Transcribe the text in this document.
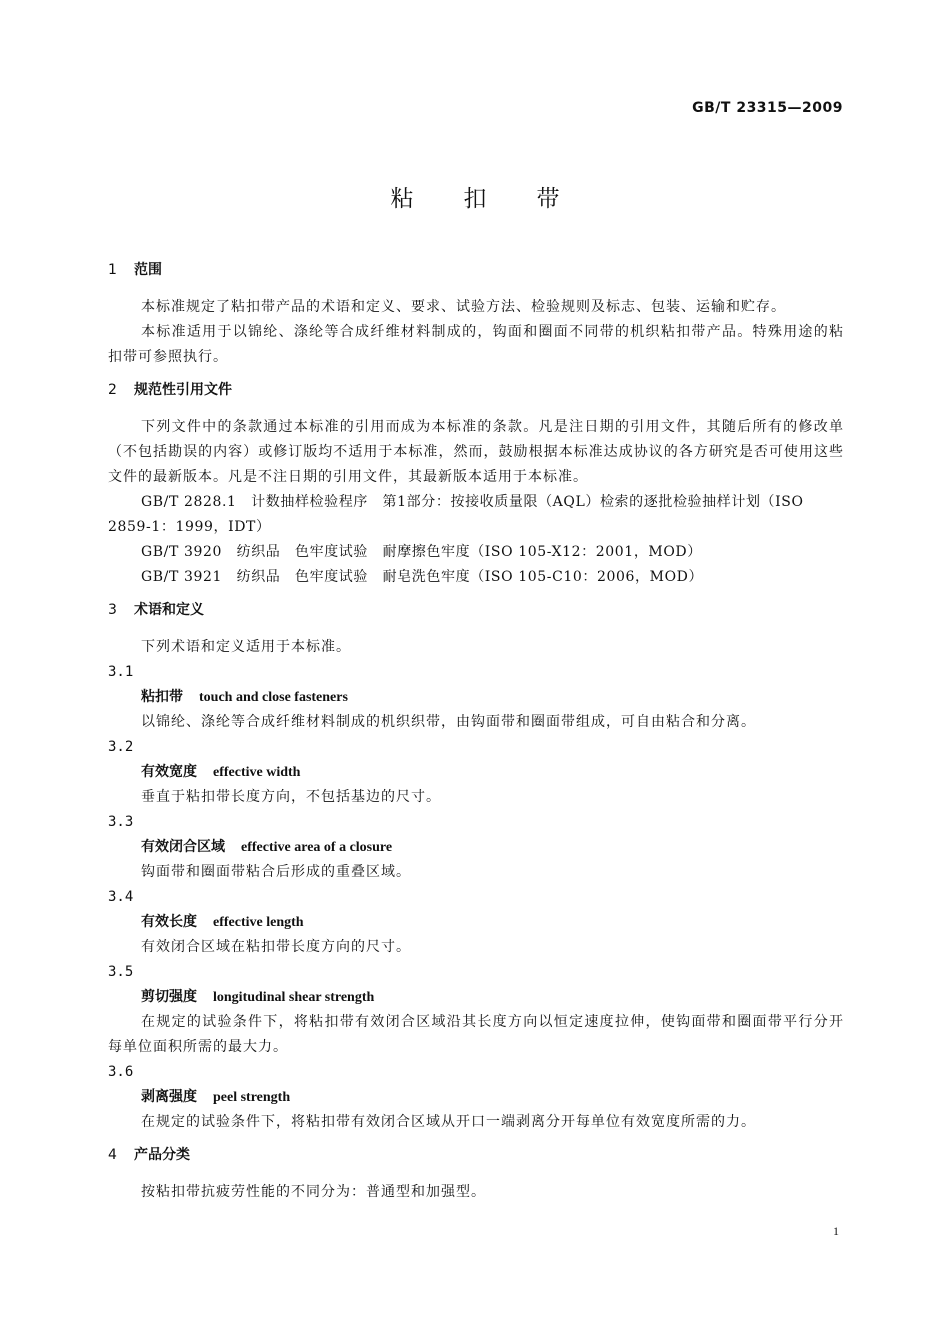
GB/T 23315—2009
粘扣带
1 范围

本标准规定了粘扣带产品的术语和定义、要求、试验方法、检验规则及标志、包装、运输和贮存。

本标准适用于以锦纶、涤纶等合成纤维材料制成的，钩面和圈面不同带的机织粘扣带产品。特殊用途的粘扣带可参照执行。

2 规范性引用文件

下列文件中的条款通过本标准的引用而成为本标准的条款。凡是注日期的引用文件，其随后所有的修改单（不包括勘误的内容）或修订版均不适用于本标准，然而，鼓励根据本标准达成协议的各方研究是否可使用这些文件的最新版本。凡是不注日期的引用文件，其最新版本适用于本标准。

GB/T 2828.1　计数抽样检验程序　第1部分：按接收质量限（AQL）检索的逐批检验抽样计划（ISO 2859-1：1999，IDT）

GB/T 3920　纺织品　色牢度试验　耐摩擦色牢度（ISO 105-X12：2001，MOD）

GB/T 3921　纺织品　色牢度试验　耐皂洗色牢度（ISO 105-C10：2006，MOD）

3 术语和定义

下列术语和定义适用于本标准。

3.1

粘扣带 touch and close fasteners

以锦纶、涤纶等合成纤维材料制成的机织织带，由钩面带和圈面带组成，可自由粘合和分离。

3.2

有效宽度 effective width

垂直于粘扣带长度方向，不包括基边的尺寸。

3.3

有效闭合区域 effective area of a closure

钩面带和圈面带粘合后形成的重叠区域。

3.4

有效长度 effective length

有效闭合区域在粘扣带长度方向的尺寸。

3.5

剪切强度 longitudinal shear strength

在规定的试验条件下，将粘扣带有效闭合区域沿其长度方向以恒定速度拉伸，使钩面带和圈面带平行分开每单位面积所需的最大力。

3.6

剥离强度 peel strength

在规定的试验条件下，将粘扣带有效闭合区域从开口一端剥离分开每单位有效宽度所需的力。

4 产品分类

按粘扣带抗疲劳性能的不同分为：普通型和加强型。

1
